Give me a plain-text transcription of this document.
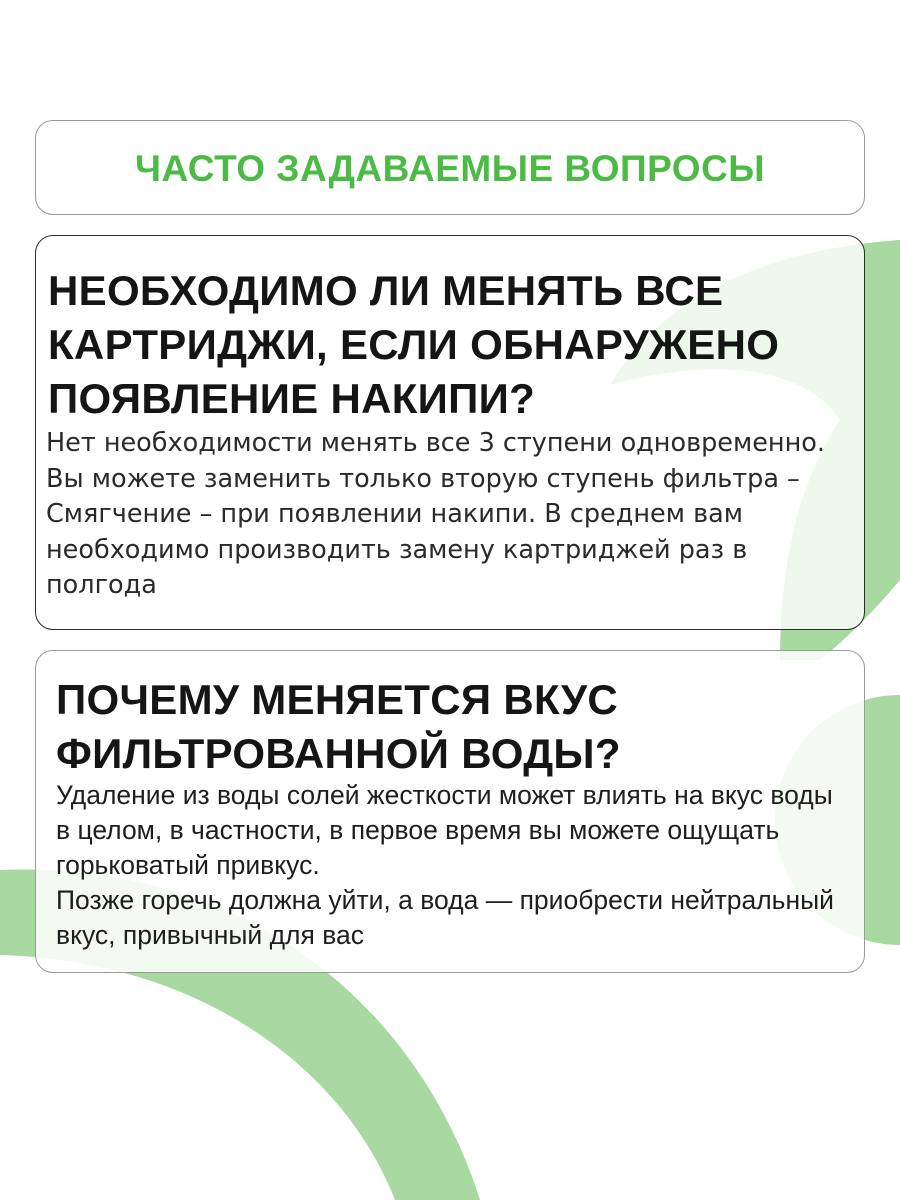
ЧАСТО ЗАДАВАЕМЫЕ ВОПРОСЫ
НЕОБХОДИМО ЛИ МЕНЯТЬ ВСЕ КАРТРИДЖИ, ЕСЛИ ОБНАРУЖЕНО ПОЯВЛЕНИЕ НАКИПИ?

Нет необходимости менять все 3 ступени одновременно. Вы можете заменить только вторую ступень фильтра – Смягчение – при появлении накипи. В среднем вам необходимо производить замену картриджей раз в полгода

ПОЧЕМУ МЕНЯЕТСЯ ВКУС ФИЛЬТРОВАННОЙ ВОДЫ?

Удаление из воды солей жесткости может влиять на вкус воды в целом, в частности, в первое время вы можете ощущать горьковатый привкус.

Позже горечь должна уйти, а вода — приобрести нейтральный вкус, привычный для вас
